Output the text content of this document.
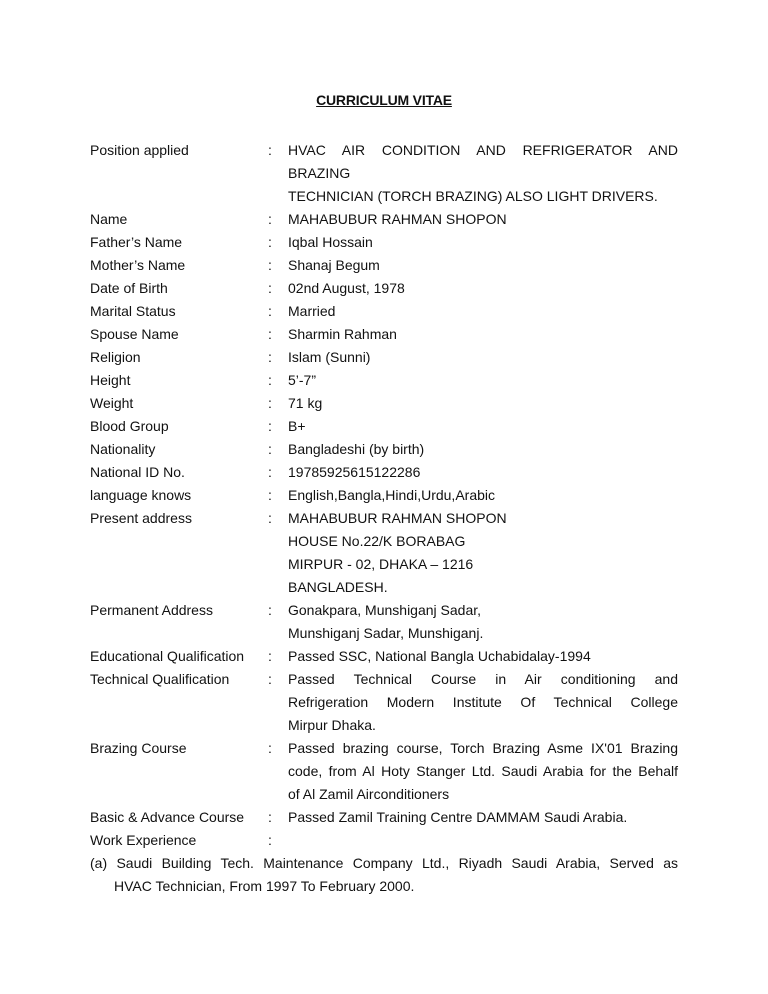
CURRICULUM VITAE
Position applied	:	HVAC AIR CONDITION AND REFRIGERATOR AND BRAZING
TECHNICIAN (TORCH BRAZING) ALSO LIGHT DRIVERS.
Name	:	MAHABUBUR RAHMAN SHOPON
Father’s Name	:	Iqbal Hossain
Mother’s Name	:	Shanaj Begum
Date of Birth	:	02nd August, 1978
Marital Status	:	Married
Spouse Name	:	Sharmin Rahman
Religion	:	Islam (Sunni)
Height	:	5’-7”
Weight	:	71 kg
Blood Group	:	B+
Nationality	:	Bangladeshi (by birth)
National ID No.	:	19785925615122286
language knows	:	English,Bangla,Hindi,Urdu,Arabic
Present address	:	MAHABUBUR RAHMAN SHOPON
HOUSE No.22/K BORABAG
MIRPUR - 02, DHAKA – 1216
BANGLADESH.
Permanent Address	:	Gonakpara, Munshiganj Sadar,
Munshiganj Sadar, Munshiganj.
Educational Qualification	:	Passed SSC, National Bangla Uchabidalay-1994
Technical Qualification	:	Passed Technical Course in Air conditioning and
Refrigeration Modern Institute Of Technical College
Mirpur Dhaka.
Brazing Course	:	Passed brazing course, Torch Brazing Asme IX'01 Brazing
code, from Al Hoty Stanger Ltd. Saudi Arabia for the Behalf
of Al Zamil Airconditioners
Basic & Advance Course	:	Passed Zamil Training Centre DAMMAM Saudi Arabia.
Work Experience	:

(a) Saudi Building Tech. Maintenance Company Ltd., Riyadh Saudi Arabia, Served as
HVAC Technician, From 1997 To February 2000.
